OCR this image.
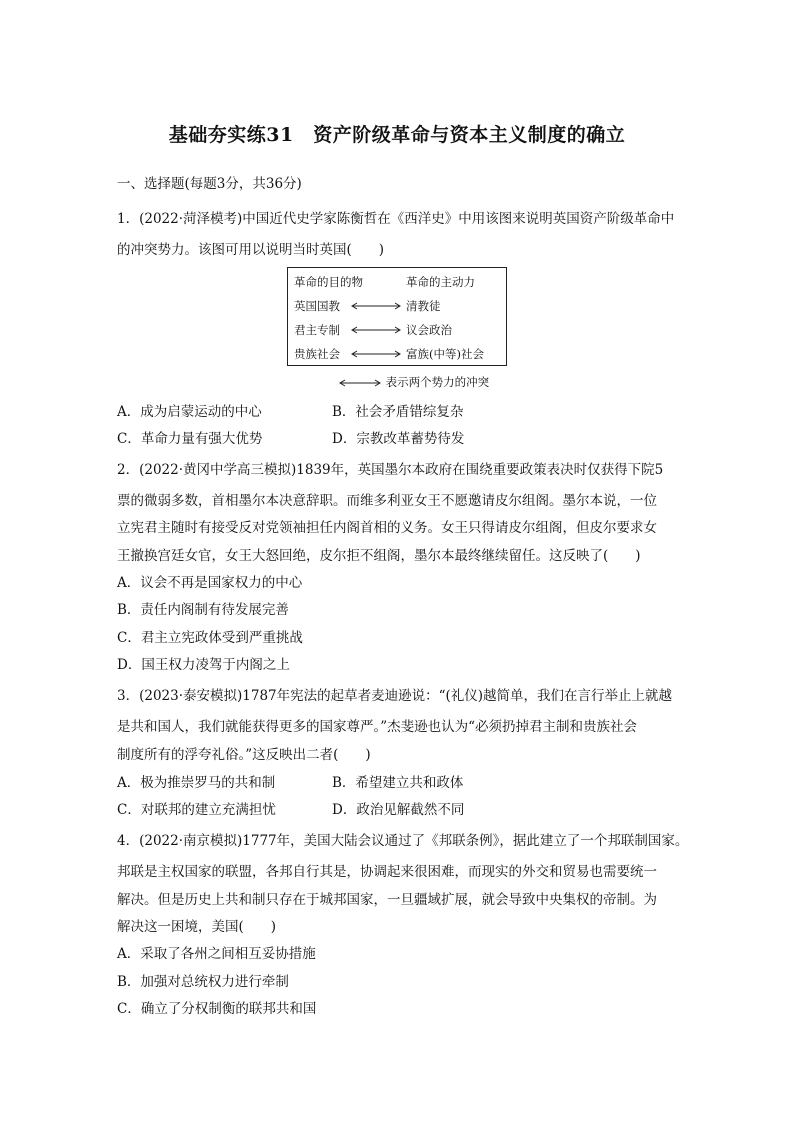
基础夯实练31　资产阶级革命与资本主义制度的确立
一、选择题(每题3分，共36分)
1．(2022·菏泽模考)中国近代史学家陈衡哲在《西洋史》中用该图来说明英国资产阶级革命中
的冲突势力。该图可用以说明当时英国(　　)
革命的目的物	革命的主动力
英国国教	清教徒
君主专制	议会政治
贵族社会	富族(中等)社会
表示两个势力的冲突
A．成为启蒙运动的中心	B．社会矛盾错综复杂
C．革命力量有强大优势	D．宗教改革蓄势待发
2．(2022·黄冈中学高三模拟)1839年，英国墨尔本政府在围绕重要政策表决时仅获得下院5
票的微弱多数，首相墨尔本决意辞职。而维多利亚女王不愿邀请皮尔组阁。墨尔本说，一位
立宪君主随时有接受反对党领袖担任内阁首相的义务。女王只得请皮尔组阁，但皮尔要求女
王撤换宫廷女官，女王大怒回绝，皮尔拒不组阁，墨尔本最终继续留任。这反映了(　　)
A．议会不再是国家权力的中心
B．责任内阁制有待发展完善
C．君主立宪政体受到严重挑战
D．国王权力凌驾于内阁之上
3．(2023·泰安模拟)1787年宪法的起草者麦迪逊说：“(礼仪)越简单，我们在言行举止上就越
是共和国人，我们就能获得更多的国家尊严。”杰斐逊也认为“必须扔掉君主制和贵族社会
制度所有的浮夸礼俗。”这反映出二者(　　)
A．极为推崇罗马的共和制	B．希望建立共和政体
C．对联邦的建立充满担忧	D．政治见解截然不同
4．(2022·南京模拟)1777年，美国大陆会议通过了《邦联条例》，据此建立了一个邦联制国家。
邦联是主权国家的联盟，各邦自行其是，协调起来很困难，而现实的外交和贸易也需要统一
解决。但是历史上共和制只存在于城邦国家，一旦疆域扩展，就会导致中央集权的帝制。为
解决这一困境，美国(　　)
A．采取了各州之间相互妥协措施
B．加强对总统权力进行牵制
C．确立了分权制衡的联邦共和国
